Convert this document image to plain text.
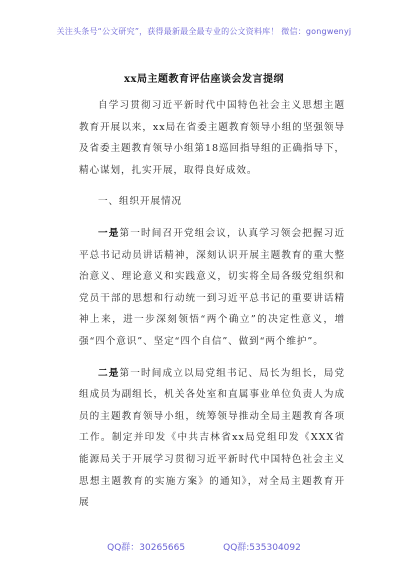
关注头条号“公文研究”，获得最新最全最专业的公文资料库！ 微信：gongwenyj
xx局主题教育评估座谈会发言提纲

自学习贯彻习近平新时代中国特色社会主义思想主题教育开展以来，xx局在省委主题教育领导小组的坚强领导及省委主题教育领导小组第18巡回指导组的正确指导下，精心谋划，扎实开展，取得良好成效。

一、组织开展情况

一是第一时间召开党组会议，认真学习领会把握习近平总书记动员讲话精神，深刻认识开展主题教育的重大整治意义、理论意义和实践意义，切实将全局各级党组织和党员干部的思想和行动统一到习近平总书记的重要讲话精神上来，进一步深刻领悟“两个确立”的决定性意义，增强“四个意识”、坚定“四个自信”、做到“两个维护”。

二是第一时间成立以局党组书记、局长为组长，局党组成员为副组长，机关各处室和直属事业单位负责人为成员的主题教育领导小组，统筹领导推动全局主题教育各项工作。制定并印发《中共吉林省xx局党组印发《XXX省能源局关于开展学习贯彻习近平新时代中国特色社会主义思想主题教育的实施方案》的通知》，对全局主题教育开展

QQ群：30265665	QQ群:535304092
